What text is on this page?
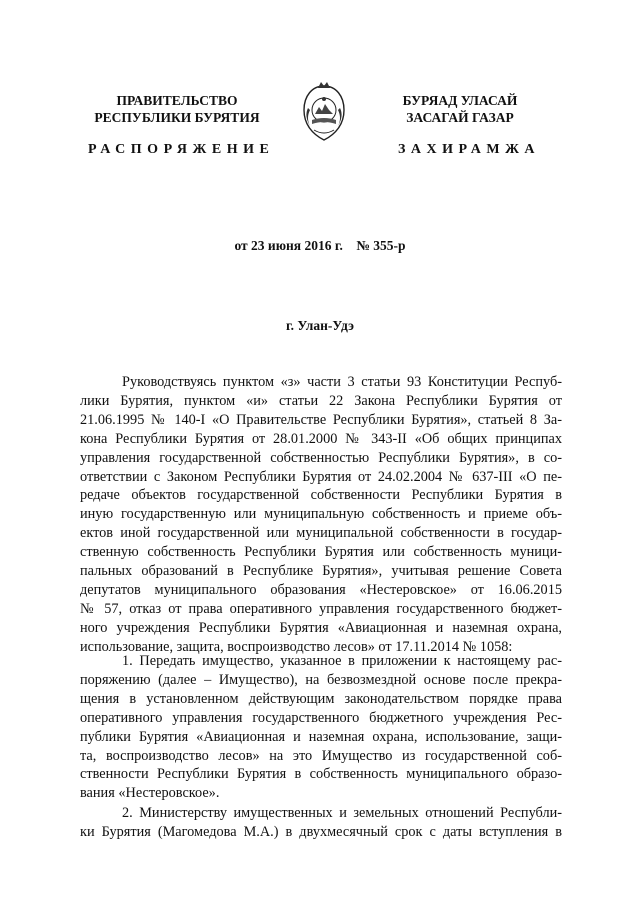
ПРАВИТЕЛЬСТВО
РЕСПУБЛИКИ БУРЯТИЯ
БУРЯАД УЛАСАЙ
ЗАСАГАЙ ГАЗАР
РАСПОРЯЖЕНИЕ	ЗАХИРАМЖА
от 23 июня 2016 г.    № 355-р
г. Улан-Удэ
Руководствуясь пунктом «з» части 3 статьи 93 Конституции Респуб-
лики Бурятия, пунктом «и» статьи 22 Закона Республики Бурятия от
21.06.1995 № 140-I «О Правительстве Республики Бурятия», статьей 8 За-
кона Республики Бурятия от 28.01.2000 № 343-II «Об общих принципах
управления государственной собственностью Республики Бурятия», в со-
ответствии с Законом Республики Бурятия от 24.02.2004 № 637-III «О пе-
редаче объектов государственной собственности Республики Бурятия в
иную государственную или муниципальную собственность и приеме объ-
ектов иной государственной или муниципальной собственности в государ-
ственную собственность Республики Бурятия или собственность муници-
пальных образований в Республике Бурятия», учитывая решение Совета
депутатов муниципального образования «Нестеровское» от 16.06.2015
№ 57, отказ от права оперативного управления государственного бюджет-
ного учреждения Республики Бурятия «Авиационная и наземная охрана,
использование, защита, воспроизводство лесов» от 17.11.2014 № 1058:
1. Передать имущество, указанное в приложении к настоящему рас-
поряжению (далее – Имущество), на безвозмездной основе после прекра-
щения в установленном действующим законодательством порядке права
оперативного управления государственного бюджетного учреждения Рес-
публики Бурятия «Авиационная и наземная охрана, использование, защи-
та, воспроизводство лесов» на это Имущество из государственной соб-
ственности Республики Бурятия в собственность муниципального образо-
вания «Нестеровское».
2. Министерству имущественных и земельных отношений Республи-
ки Бурятия (Магомедова М.А.) в двухмесячный срок с даты вступления в
